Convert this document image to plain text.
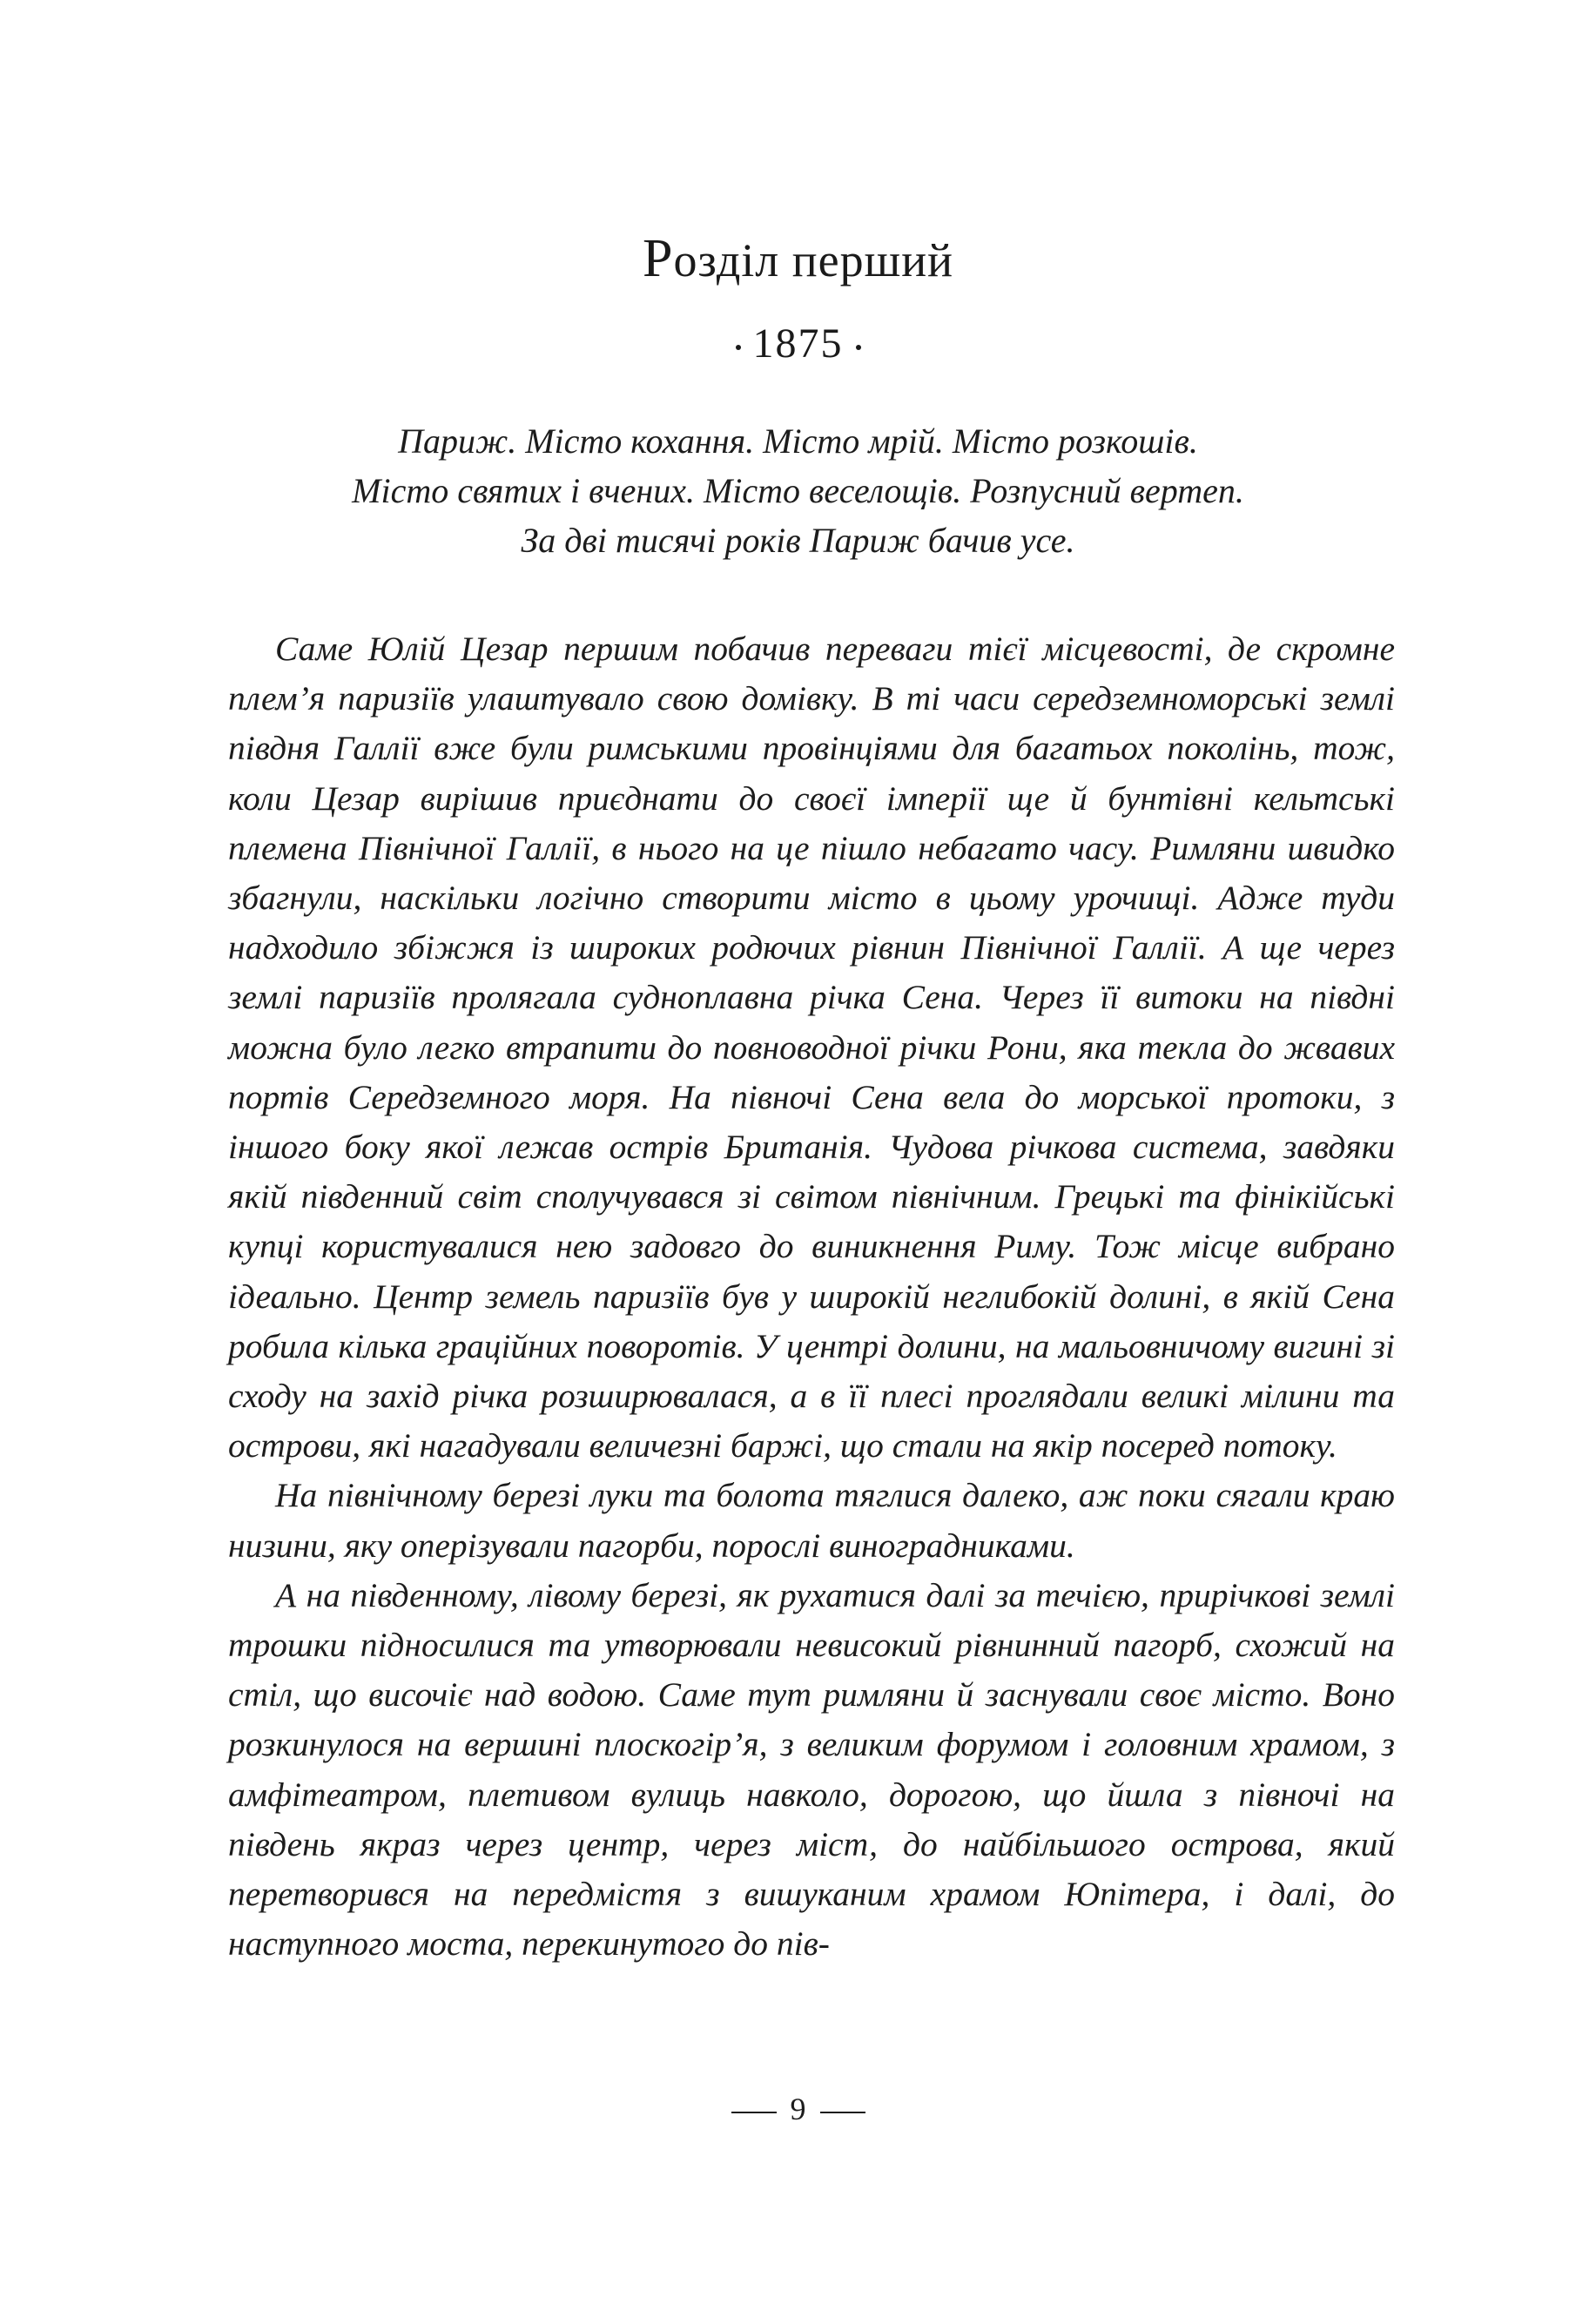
Розділ перший
1875
Париж. Місто кохання. Місто мрій. Місто розкошів.
Місто святих і вчених. Місто веселощів. Розпусний вертеп.
За дві тисячі років Париж бачив усе.

Саме Юлій Цезар першим побачив переваги тієї місцевості, де скромне плем’я паризіїв улаштувало свою домівку. В ті часи середземноморські землі півдня Галлії вже були римськими провінціями для багатьох поколінь, тож, коли Цезар вирішив приєднати до своєї імперії ще й бунтівні кельтські племена Північної Галлії, в нього на це пішло небагато часу. Римляни швидко збагнули, наскільки логічно створити місто в цьому урочищі. Адже туди надходило збіжжя із широких родючих рівнин Північної Галлії. А ще через землі паризіїв пролягала судноплавна річка Сена. Через її витоки на півдні можна було легко втрапити до повноводної річки Рони, яка текла до жвавих портів Середземного моря. На півночі Сена вела до морської протоки, з іншого боку якої лежав острів Британія. Чудова річкова система, завдяки якій південний світ сполучувався зі світом північним. Грецькі та фінікійські купці користувалися нею задовго до виникнення Риму. Тож місце вибрано ідеально. Центр земель паризіїв був у широкій неглибокій долині, в якій Сена робила кілька граційних поворотів. У центрі долини, на мальовничому вигині зі сходу на захід річка розширювалася, а в її плесі проглядали великі мілини та острови, які нагадували величезні баржі, що стали на якір посеред потоку.

На північному березі луки та болота тяглися далеко, аж поки сягали краю низини, яку оперізували пагорби, порослі виноградниками.

А на південному, лівому березі, як рухатися далі за течією, прирічкові землі трошки підносилися та утворювали невисокий рівнинний пагорб, схожий на стіл, що височіє над водою. Саме тут римляни й заснували своє місто. Воно розкинулося на вершині плоскогір’я, з великим форумом і головним храмом, з амфітеатром, плетивом вулиць навколо, дорогою, що йшла з півночі на південь якраз через центр, через міст, до найбільшого острова, який перетворився на передмістя з вишуканим храмом Юпітера, і далі, до наступного моста, перекинутого до пів-

9
